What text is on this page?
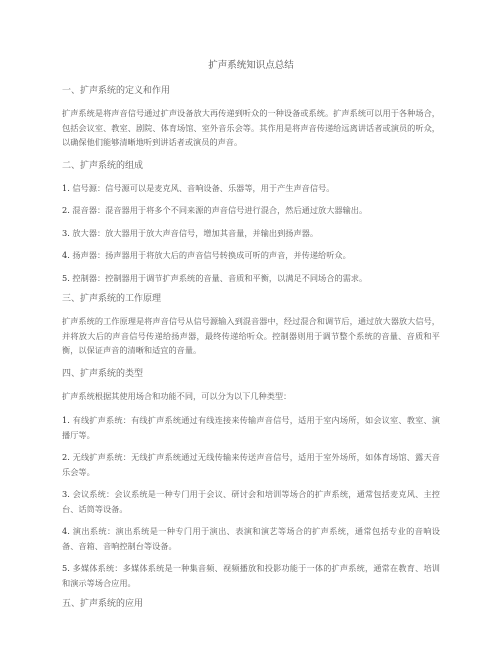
扩声系统知识点总结
一、扩声系统的定义和作用
扩声系统是将声音信号通过扩声设备放大再传递到听众的一种设备或系统。扩声系统可以用于各种场合，包括会议室、教室、剧院、体育场馆、室外音乐会等。其作用是将声音传递给远离讲话者或演员的听众，以确保他们能够清晰地听到讲话者或演员的声音。
二、扩声系统的组成
1. 信号源：信号源可以是麦克风、音响设备、乐器等，用于产生声音信号。
2. 混音器：混音器用于将多个不同来源的声音信号进行混合，然后通过放大器输出。
3. 放大器：放大器用于放大声音信号，增加其音量，并输出到扬声器。
4. 扬声器：扬声器用于将放大后的声音信号转换成可听的声音，并传递给听众。
5. 控制器：控制器用于调节扩声系统的音量、音质和平衡，以满足不同场合的需求。
三、扩声系统的工作原理
扩声系统的工作原理是将声音信号从信号源输入到混音器中，经过混合和调节后，通过放大器放大信号，并将放大后的声音信号传递给扬声器，最终传递给听众。控制器则用于调节整个系统的音量、音质和平衡，以保证声音的清晰和适宜的音量。
四、扩声系统的类型
扩声系统根据其使用场合和功能不同，可以分为以下几种类型：
1. 有线扩声系统：有线扩声系统通过有线连接来传输声音信号，适用于室内场所，如会议室、教室、演播厅等。
2. 无线扩声系统：无线扩声系统通过无线传输来传送声音信号，适用于室外场所，如体育场馆、露天音乐会等。
3. 会议系统：会议系统是一种专门用于会议、研讨会和培训等场合的扩声系统，通常包括麦克风、主控台、话筒等设备。
4. 演出系统：演出系统是一种专门用于演出、表演和演艺等场合的扩声系统，通常包括专业的音响设备、音箱、音响控制台等设备。
5. 多媒体系统：多媒体系统是一种集音频、视频播放和投影功能于一体的扩声系统，通常在教育、培训和演示等场合应用。
五、扩声系统的应用
